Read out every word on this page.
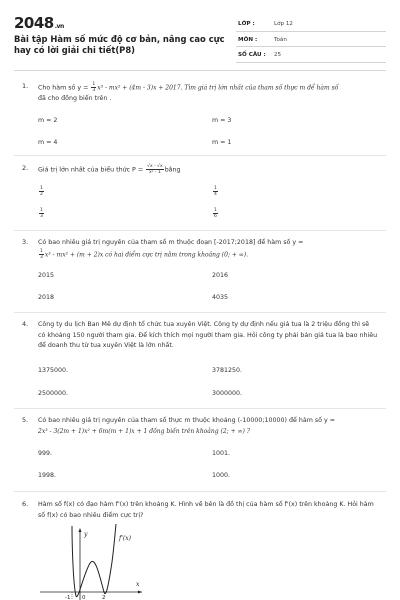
2048.vn
Bài tập Hàm số mức độ cơ bản, nâng cao cực hay có lời giải chi tiết(P8)
LỚP :	Lớp 12
MÔN :	Toán
SỐ CÂU : 25
1. Cho hàm số $y = \frac{1}{3} x^3 - mx^2 + (4m - 3)x + 2017$. Tìm giá trị lớn nhất của tham số thực m để hàm số
đã cho đồng biến trên .
m = 2	m = 3
m = 4	m = 1
2. Giá trị lớn nhất của biểu thức $P = \frac{√x - √x}{\text{x² - 1}}$ bằng
$\frac{1}{2}$	$\frac{1}{4}$
$\frac{1}{3}$	$\frac{1}{6}$
3. Có bao nhiêu giá trị nguyên của tham số m thuộc đoạn [-2017;2018] để hàm số y =

$\frac{1}{3} x^3 - mx^2 + (m + 2)x$ có hai điểm cực trị nằm trong khoảng (0; + ∞).
2015	2016
2018	4035
4. Công ty du lịch Ban Mê dự định tổ chức tua xuyên Việt. Công ty dự định nếu giá tua là 2 triệu đồng thì sẽ có khoảng 150 người tham gia. Để kích thích mọi người tham gia. Hỏi công ty phải bán giá tua là bao nhiêu để doanh thu từ tua xuyên Việt là lớn nhất.
1375000.	3781250.
2500000.	3000000.
5. Có bao nhiêu giá trị nguyên của tham số thực m thuộc khoảng (-10000;10000) để hàm số y =
2x³ - 3(2m + 1)x² + 6m(m + 1)x + 1 đồng biến trên khoảng (2; + ∞) ?
999.	1001.
1998.	1000.
6. Hàm số f(x) có đạo hàm f'(x) trên khoảng K. Hình vẽ bên là đồ thị của hàm số f'(x) trên khoảng K. Hỏi hàm số f(x) có bao nhiêu điểm cực trị?
f'(x)
y
x
-1 0	2
